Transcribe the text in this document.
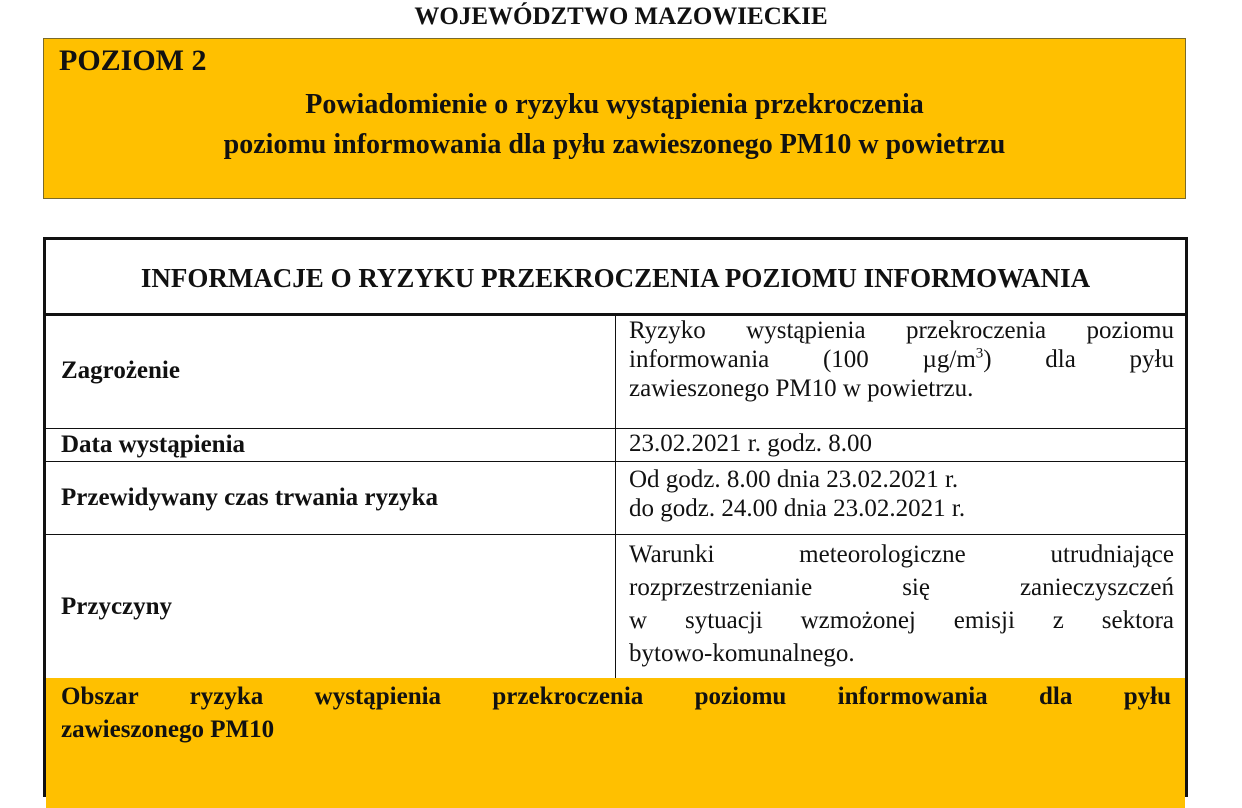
WOJEWÓDZTWO MAZOWIECKIE
POZIOM 2
Powiadomienie o ryzyku wystąpienia przekroczenia
poziomu informowania dla pyłu zawieszonego PM10 w powietrzu
INFORMACJE O RYZYKU PRZEKROCZENIA POZIOMU INFORMOWANIA
Zagrożenie
Ryzyko wystąpienia przekroczenia poziomu
informowania (100 $\mu g/m^3$) dla pyłu
zawieszonego PM10 w powietrzu.
Data wystąpienia	23.02.2021 r. godz. 8.00
Przewidywany czas trwania ryzyka
Od godz. 8.00 dnia 23.02.2021 r.
do godz. 24.00 dnia 23.02.2021 r.
Przyczyny
Warunki meteorologiczne utrudniające
rozprzestrzenianie się zanieczyszczeń
w sytuacji wzmożonej emisji z sektora
bytowo-komunalnego.
Obszar ryzyka wystąpienia przekroczenia poziomu informowania dla pyłu
zawieszonego PM10
